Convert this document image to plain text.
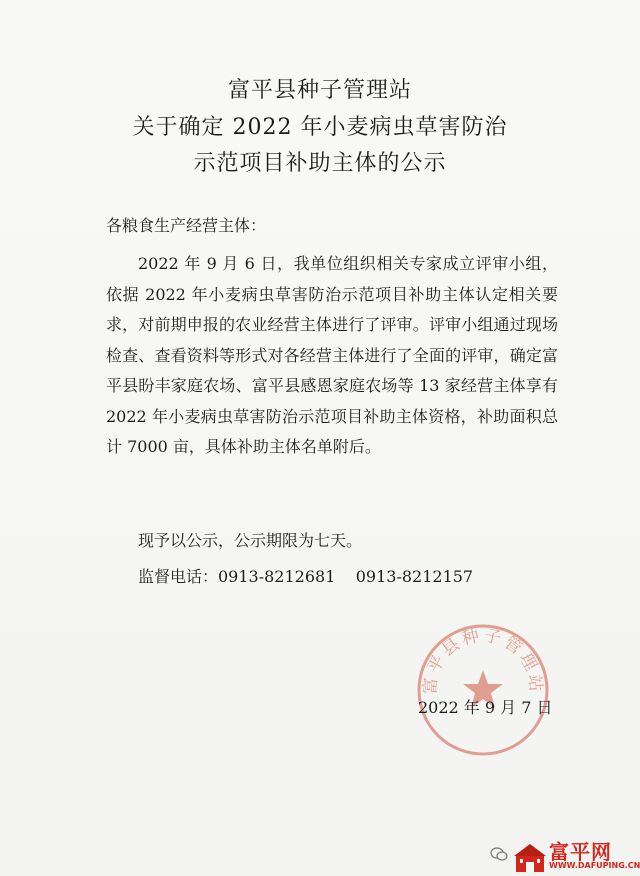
富平县种子管理站
关于确定 2022 年小麦病虫草害防治
示范项目补助主体的公示
各粮食生产经营主体：

2022 年 9 月 6 日，我单位组织相关专家成立评审小组，依据 2022 年小麦病虫草害防治示范项目补助主体认定相关要求，对前期申报的农业经营主体进行了评审。评审小组通过现场检查、查看资料等形式对各经营主体进行了全面的评审，确定富平县盼丰家庭农场、富平县感恩家庭农场等 13 家经营主体享有 2022 年小麦病虫草害防治示范项目补助主体资格，补助面积总计 7000 亩，具体补助主体名单附后。

现予以公示，公示期限为七天。
监督电话：0913-8212681    0913-8212157
富平县种子管理站
2022 年 9 月 7 日
富平网
WWW.DAFUPING.CN
